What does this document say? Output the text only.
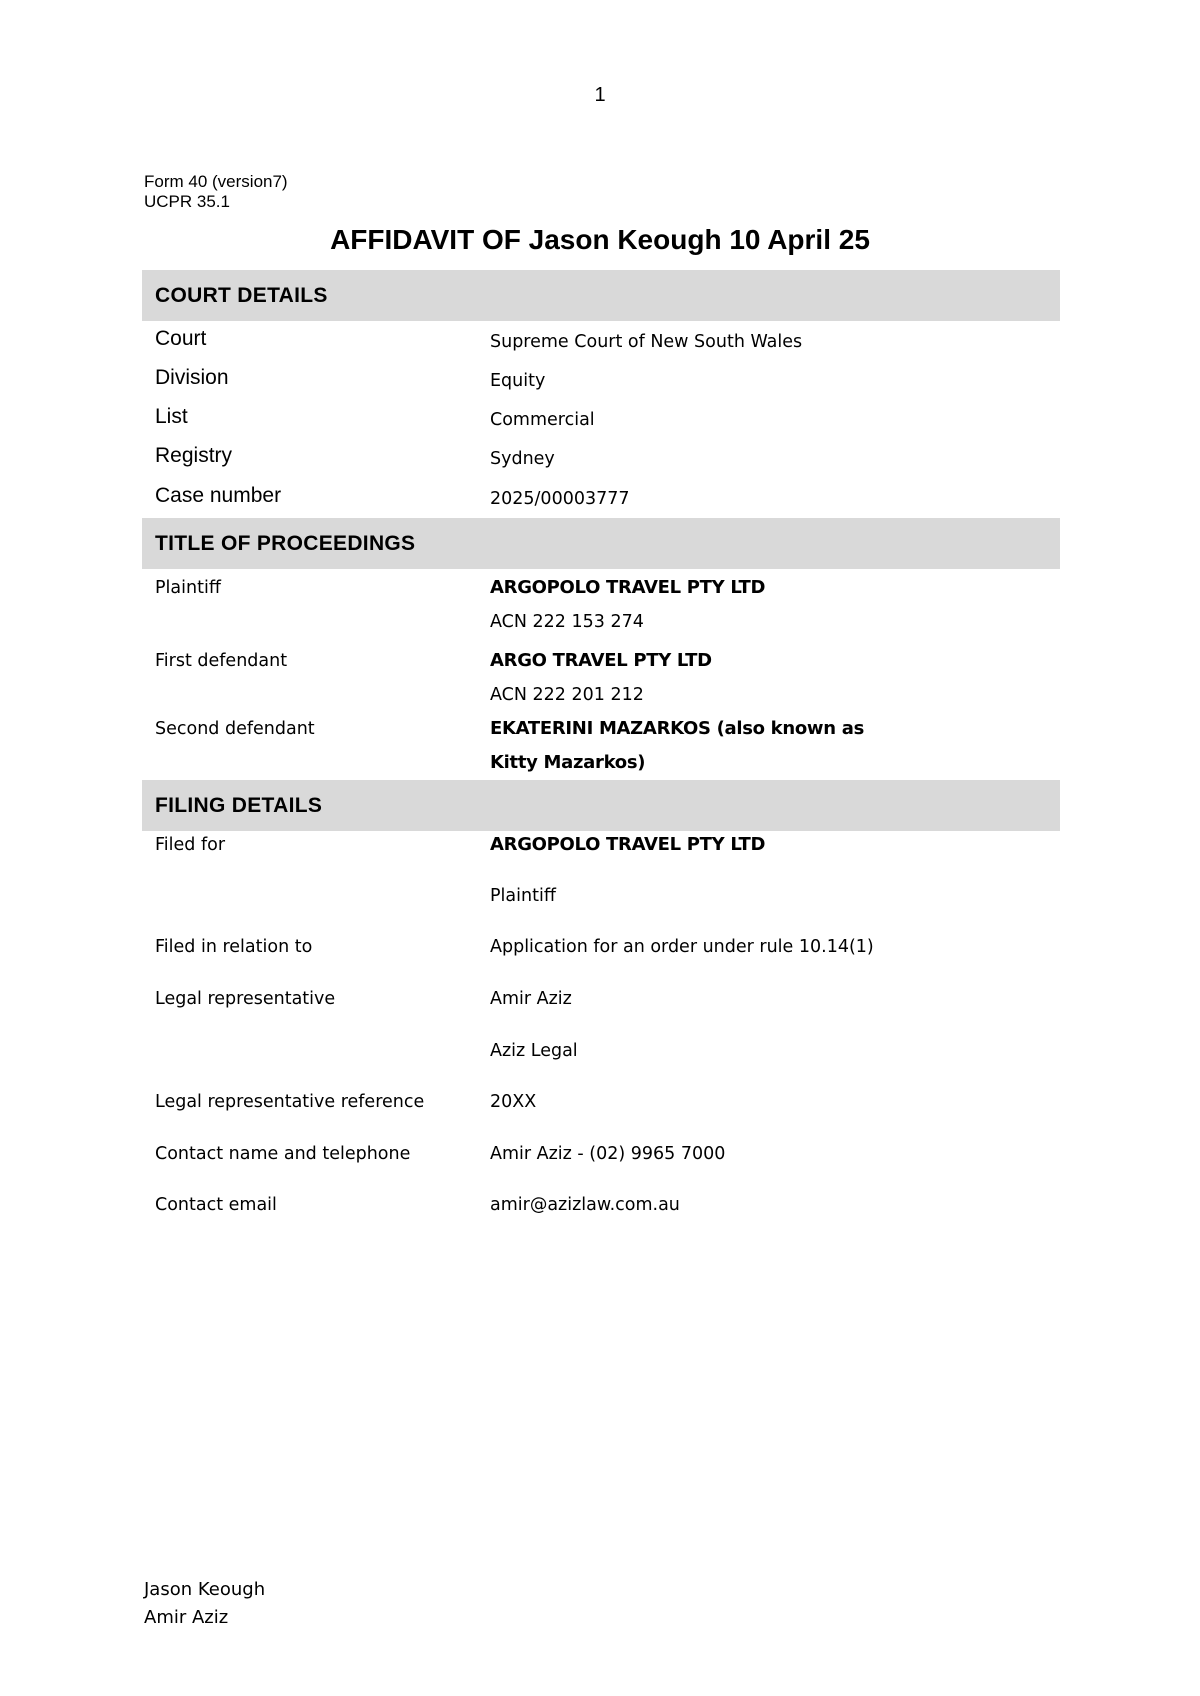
1
Form 40 (version7)
UCPR 35.1
AFFIDAVIT OF Jason Keough 10 April 25
COURT DETAILS
Court	Supreme Court of New South Wales
Division	Equity
List	Commercial
Registry	Sydney
Case number	2025/00003777
TITLE OF PROCEEDINGS
Plaintiff	ARGOPOLO TRAVEL PTY LTD
ACN 222 153 274
First defendant	ARGO TRAVEL PTY LTD
ACN 222 201 212
Second defendant	EKATERINI MAZARKOS (also known as Kitty Mazarkos)
FILING DETAILS
Filed for	ARGOPOLO TRAVEL PTY LTD
Plaintiff
Filed in relation to	Application for an order under rule 10.14(1)
Legal representative	Amir Aziz
Aziz Legal
Legal representative reference	20XX
Contact name and telephone	Amir Aziz - (02) 9965 7000
Contact email	amir@azizlaw.com.au
Jason Keough
Amir Aziz
